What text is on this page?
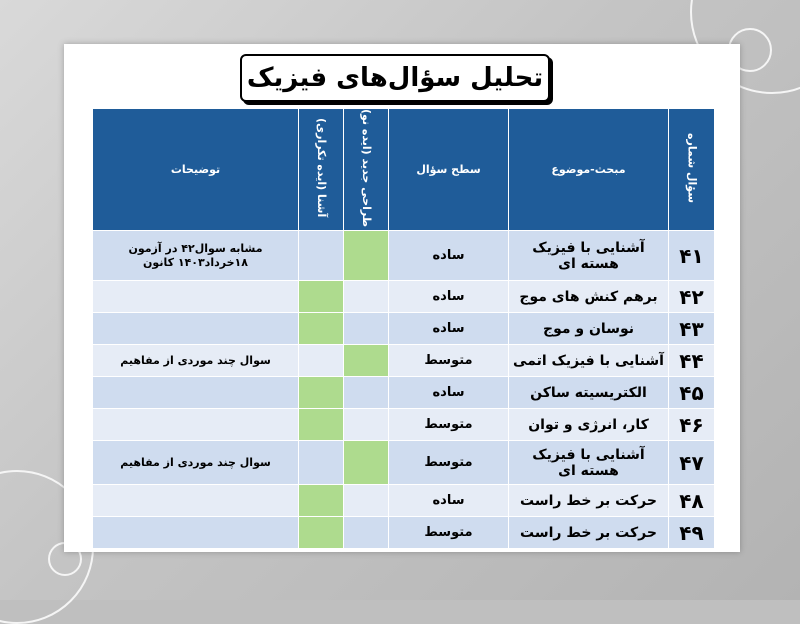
تحلیل سؤال‌های فیزیک
سؤال شماره	مبحث-موضوع	سطح سؤال	طراحی جدید (ایده نو)	آشنا (ایده تکراری)	توضیحات
۴۱	آشنایی با فیزیک هسته ای	ساده			مشابه سوال۴۲ در آزمون ۱۸خرداد۱۴۰۳ کانون
۴۲	برهم کنش های موج	ساده			
۴۳	نوسان و موج	ساده			
۴۴	آشنایی با فیزیک اتمی	متوسط			سوال چند موردی از مفاهیم
۴۵	الکتریسیته ساکن	ساده			
۴۶	کار، انرژی و توان	متوسط			
۴۷	آشنایی با فیزیک هسته ای	متوسط			سوال چند موردی از مفاهیم
۴۸	حرکت بر خط راست	ساده			
۴۹	حرکت بر خط راست	متوسط			
